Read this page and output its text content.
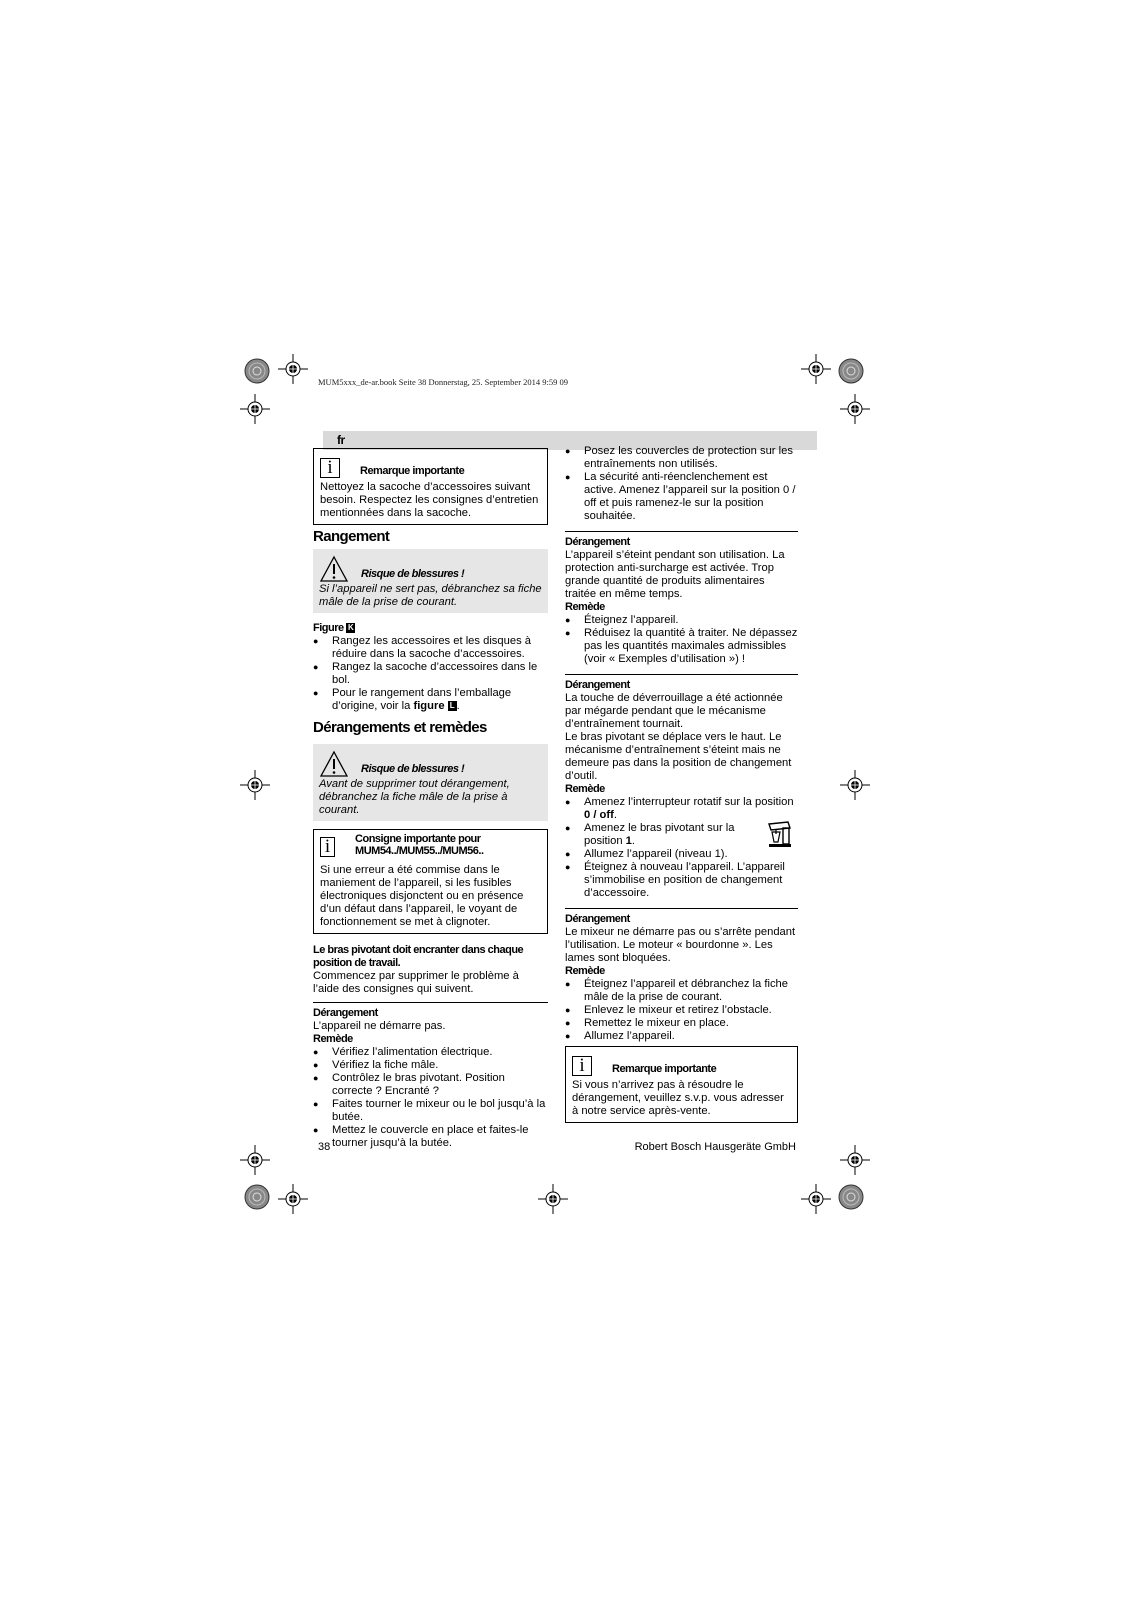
MUM5xxx_de-ar.book Seite 38 Donnerstag, 25. September 2014 9:59 09
fr
i	Remarque importante

Nettoyez la sacoche d’accessoires suivant besoin. Respectez les consignes d’entretien mentionnées dans la sacoche.

Rangement
Risque de blessures !

Si l’appareil ne sert pas, débranchez sa fiche mâle de la prise de courant.

Figure K
● Rangez les accessoires et les disques à réduire dans la sacoche d’accessoires.
● Rangez la sacoche d’accessoires dans le bol.
● Pour le rangement dans l’emballage d’origine, voir la figure L .
Dérangements et remèdes
Risque de blessures !

Avant de supprimer tout dérangement, débranchez la fiche mâle de la prise à courant.

i	Consigne importante pour MUM54../MUM55../MUM56..

Si une erreur a été commise dans le maniement de l’appareil, si les fusibles électroniques disjonctent ou en présence d’un défaut dans l’appareil, le voyant de fonctionnement se met à clignoter.

Le bras pivotant doit encranter dans chaque position de travail.

Commencez par supprimer le problème à l’aide des consignes qui suivent.

Dérangement

L’appareil ne démarre pas.

Remède

● Vérifiez l’alimentation électrique.
● Vérifiez la fiche mâle.
● Contrôlez le bras pivotant. Position correcte ? Encranté ?
● Faites tourner le mixeur ou le bol jusqu’à la butée.
● Mettez le couvercle en place et faites-le tourner jusqu’à la butée.
● Posez les couvercles de protection sur les entraînements non utilisés.
● La sécurité anti-réenclenchement est active. Amenez l’appareil sur la position 0 / off et puis ramenez-le sur la position souhaitée.

Dérangement

L’appareil s’éteint pendant son utilisation. La protection anti-surcharge est activée. Trop grande quantité de produits alimentaires traitée en même temps.

Remède

● Éteignez l’appareil.
● Réduisez la quantité à traiter. Ne dépassez pas les quantités maximales admissibles (voir « Exemples d’utilisation ») !

Dérangement

La touche de déverrouillage a été actionnée par mégarde pendant que le mécanisme d’entraînement tournait.

Le bras pivotant se déplace vers le haut. Le mécanisme d’entraînement s’éteint mais ne demeure pas dans la position de changement d’outil.

Remède

● Amenez l’interrupteur rotatif sur la position 0 / off.
● Amenez le bras pivotant sur la position 1.
● Allumez l’appareil (niveau 1).
● Éteignez à nouveau l’appareil. L’appareil s’immobilise en position de changement d’accessoire.

Dérangement

Le mixeur ne démarre pas ou s’arrête pendant l’utilisation. Le moteur « bourdonne ». Les lames sont bloquées.

Remède

● Éteignez l’appareil et débranchez la fiche mâle de la prise de courant.
● Enlevez le mixeur et retirez l’obstacle.
● Remettez le mixeur en place.
● Allumez l’appareil.
i	Remarque importante

Si vous n’arrivez pas à résoudre le dérangement, veuillez s.v.p. vous adresser à notre service après-vente.

38	Robert Bosch Hausgeräte GmbH
